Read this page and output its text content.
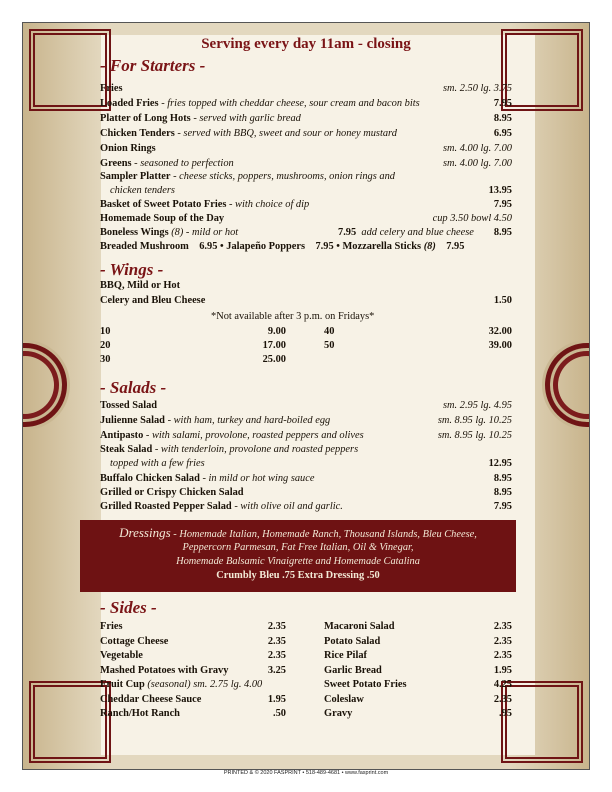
Serving every day 11am - closing
- For Starters -
Fries	sm. 2.50 lg. 3.75
Loaded Fries - fries topped with cheddar cheese, sour cream and bacon bits	7.95
Platter of Long Hots - served with garlic bread	8.95
Chicken Tenders - served with BBQ, sweet and sour or honey mustard	6.95
Onion Rings	sm. 4.00 lg. 7.00
Greens - seasoned to perfection	sm. 4.00 lg. 7.00
Sampler Platter - cheese sticks, poppers, mushrooms, onion rings and
chicken tenders	13.95
Basket of Sweet Potato Fries - with choice of dip	7.95
Homemade Soup of the Day	cup 3.50 bowl 4.50
Boneless Wings (8) - mild or hot	7.95 add celery and blue cheese 8.95
Breaded Mushroom 6.95 • Jalapeño Poppers 7.95 • Mozzarella Sticks (8) 7.95
- Wings -
BBQ, Mild or Hot
Celery and Bleu Cheese	1.50
*Not available after 3 p.m. on Fridays*
10	9.00
20	17.00
30	25.00
40	32.00
50	39.00
- Salads -
Tossed Salad	sm. 2.95 lg. 4.95
Julienne Salad - with ham, turkey and hard-boiled egg	sm. 8.95 lg. 10.25
Antipasto - with salami, provolone, roasted peppers and olives	sm. 8.95 lg. 10.25
Steak Salad - with tenderloin, provolone and roasted peppers
topped with a few fries	12.95
Buffalo Chicken Salad - in mild or hot wing sauce	8.95
Grilled or Crispy Chicken Salad	8.95
Grilled Roasted Pepper Salad - with olive oil and garlic.	7.95
Dressings - Homemade Italian, Homemade Ranch, Thousand Islands, Bleu Cheese,
Peppercorn Parmesan, Fat Free Italian, Oil & Vinegar,
Homemade Balsamic Vinaigrette and Homemade Catalina
Crumbly Bleu .75 Extra Dressing .50
- Sides -
Fries	2.35
Cottage Cheese	2.35
Vegetable	2.35
Mashed Potatoes with Gravy	3.25
Fruit Cup (seasonal) sm. 2.75 lg. 4.00
Cheddar Cheese Sauce	1.95
Ranch/Hot Ranch	.50
Macaroni Salad	2.35
Potato Salad	2.35
Rice Pilaf	2.35
Garlic Bread	1.95
Sweet Potato Fries	4.25
Coleslaw	2.35
Gravy	.95
PRINTED & © 2020 FASPRINT • 518-489-4681 • www.fasprint.com
